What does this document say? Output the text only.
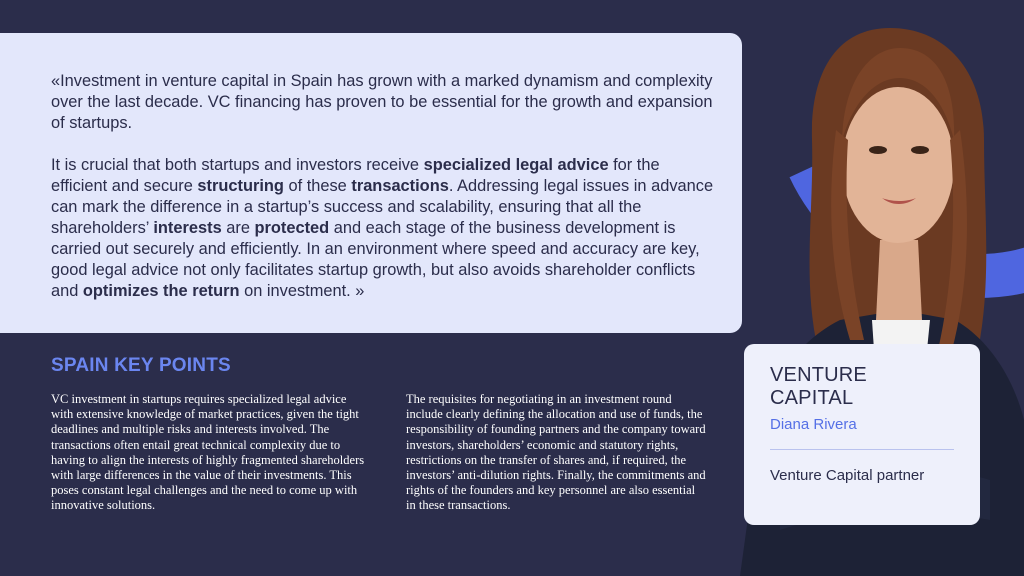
«Investment in venture capital in Spain has grown with a marked dynamism and complexity over the last decade. VC financing has proven to be essential for the growth and expansion of startups.

It is crucial that both startups and investors receive specialized legal advice for the efficient and secure structuring of these transactions. Addressing legal issues in advance can mark the difference in a startup’s success and scalability, ensuring that all the shareholders’ interests are protected and each stage of the business development is carried out securely and efficiently. In an environment where speed and accuracy are key, good legal advice not only facilitates startup growth, but also avoids shareholder conflicts and optimizes the return on investment. »

SPAIN KEY POINTS

VC investment in startups requires specialized legal advice with extensive knowledge of market practices, given the tight deadlines and multiple risks and interests involved. The transactions often entail great technical complexity due to having to align the interests of highly fragmented shareholders with large differences in the value of their investments. This poses constant legal challenges and the need to come up with innovative solutions.

The requisites for negotiating in an investment round include clearly defining the allocation and use of funds, the responsibility of founding partners and the company toward investors, shareholders’ economic and statutory rights, restrictions on the transfer of shares and, if required, the investors’ anti-dilution rights. Finally, the commitments and rights of the founders and key personnel are also essential in these transactions.

VENTURE CAPITAL

Diana Rivera

Venture Capital partner
